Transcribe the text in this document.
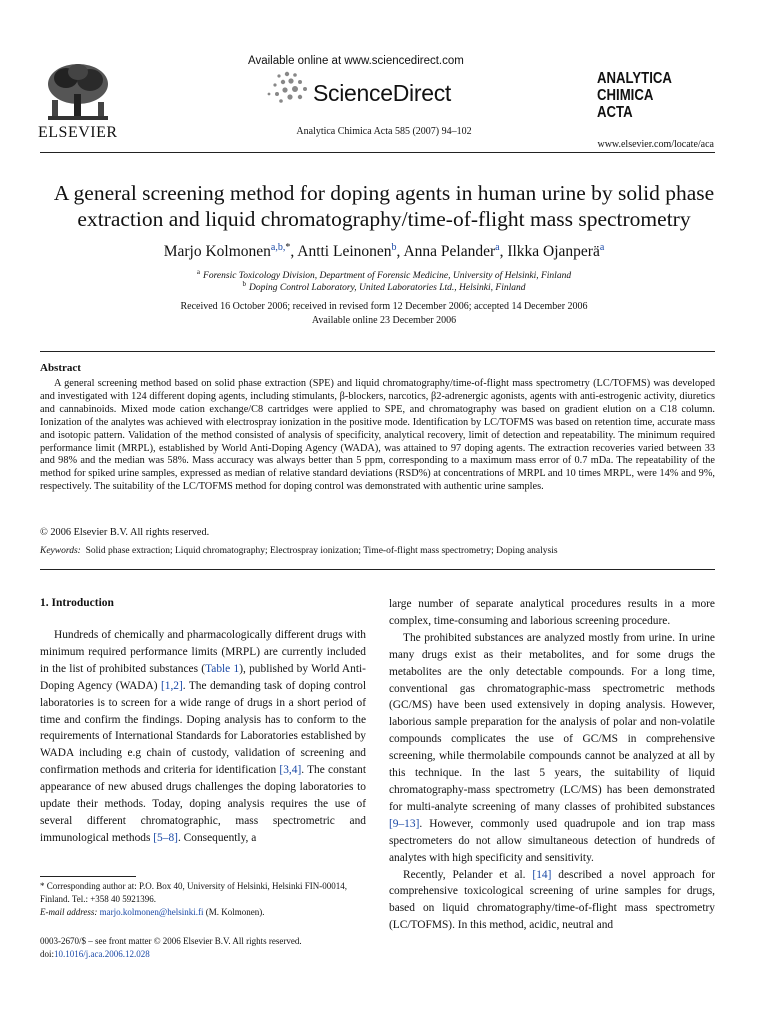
ELSEVIER
Available online at www.sciencedirect.com
ScienceDirect
Analytica Chimica Acta 585 (2007) 94–102
ANALYTICA
CHIMICA
ACTA
www.elsevier.com/locate/aca
A general screening method for doping agents in human urine by solid phase
extraction and liquid chromatography/time-of-flight mass spectrometry
Marjo Kolmonen$^{a,b,*}$, Antti Leinonen$^b$, Anna Pelander$^a$, Ilkka Ojanperä$^a$
$^a$ Forensic Toxicology Division, Department of Forensic Medicine, University of Helsinki, Finland
$^b$ Doping Control Laboratory, United Laboratories Ltd., Helsinki, Finland
Received 16 October 2006; received in revised form 12 December 2006; accepted 14 December 2006
Available online 23 December 2006
Abstract

A general screening method based on solid phase extraction (SPE) and liquid chromatography/time-of-flight mass spectrometry (LC/TOFMS) was developed and investigated with 124 different doping agents, including stimulants, β-blockers, narcotics, β2-adrenergic agonists, agents with anti-estrogenic activity, diuretics and cannabinoids. Mixed mode cation exchange/C8 cartridges were applied to SPE, and chromatography was based on gradient elution on a C18 column. Ionization of the analytes was achieved with electrospray ionization in the positive mode. Identification by LC/TOFMS was based on retention time, accurate mass and isotopic pattern. Validation of the method consisted of analysis of specificity, analytical recovery, limit of detection and repeatability. The minimum required performance limit (MRPL), established by World Anti-Doping Agency (WADA), was attained to 97 doping agents. The extraction recoveries varied between 33 and 98% and the median was 58%. Mass accuracy was always better than 5 ppm, corresponding to a maximum mass error of 0.7 mDa. The repeatability of the method for spiked urine samples, expressed as median of relative standard deviations (RSD%) at concentrations of MRPL and 10 times MRPL, were 14% and 9%, respectively. The suitability of the LC/TOFMS method for doping control was demonstrated with authentic urine samples.

© 2006 Elsevier B.V. All rights reserved.
Keywords: Solid phase extraction; Liquid chromatography; Electrospray ionization; Time-of-flight mass spectrometry; Doping analysis
1. Introduction

Hundreds of chemically and pharmacologically different drugs with minimum required performance limits (MRPL) are currently included in the list of prohibited substances (Table 1), published by World Anti-Doping Agency (WADA) [1,2]. The demanding task of doping control laboratories is to screen for a wide range of drugs in a short period of time and confirm the findings. Doping analysis has to conform to the requirements of International Standards for Laboratories established by WADA including e.g chain of custody, validation of screening and confirmation methods and criteria for identification [3,4]. The constant appearance of new abused drugs challenges the doping laboratories to update their methods. Today, doping analysis requires the use of several different chromatographic, mass spectrometric and immunological methods [5–8]. Consequently, a

large number of separate analytical procedures results in a more complex, time-consuming and laborious screening procedure.

The prohibited substances are analyzed mostly from urine. In urine many drugs exist as their metabolites, and for some drugs the metabolites are the only detectable compounds. For a long time, conventional gas chromatographic-mass spectrometric methods (GC/MS) have been used extensively in doping analysis. However, laborious sample preparation for the analysis of polar and non-volatile compounds complicates the use of GC/MS in comprehensive screening, while thermolabile compounds cannot be analyzed at all by this technique. In the last 5 years, the suitability of liquid chromatography-mass spectrometry (LC/MS) has been demonstrated for multi-analyte screening of many classes of prohibited substances [9–13]. However, commonly used quadrupole and ion trap mass spectrometers do not allow simultaneous detection of hundreds of analytes with high specificity and sensitivity.

Recently, Pelander et al. [14] described a novel approach for comprehensive toxicological screening of urine samples for drugs, based on liquid chromatography/time-of-flight mass spectrometry (LC/TOFMS). In this method, acidic, neutral and

* Corresponding author at: P.O. Box 40, University of Helsinki, Helsinki FIN-00014, Finland. Tel.: +358 40 5921396.
E-mail address: marjo.kolmonen@helsinki.fi (M. Kolmonen).
0003-2670/$ – see front matter © 2006 Elsevier B.V. All rights reserved.
doi:10.1016/j.aca.2006.12.028
